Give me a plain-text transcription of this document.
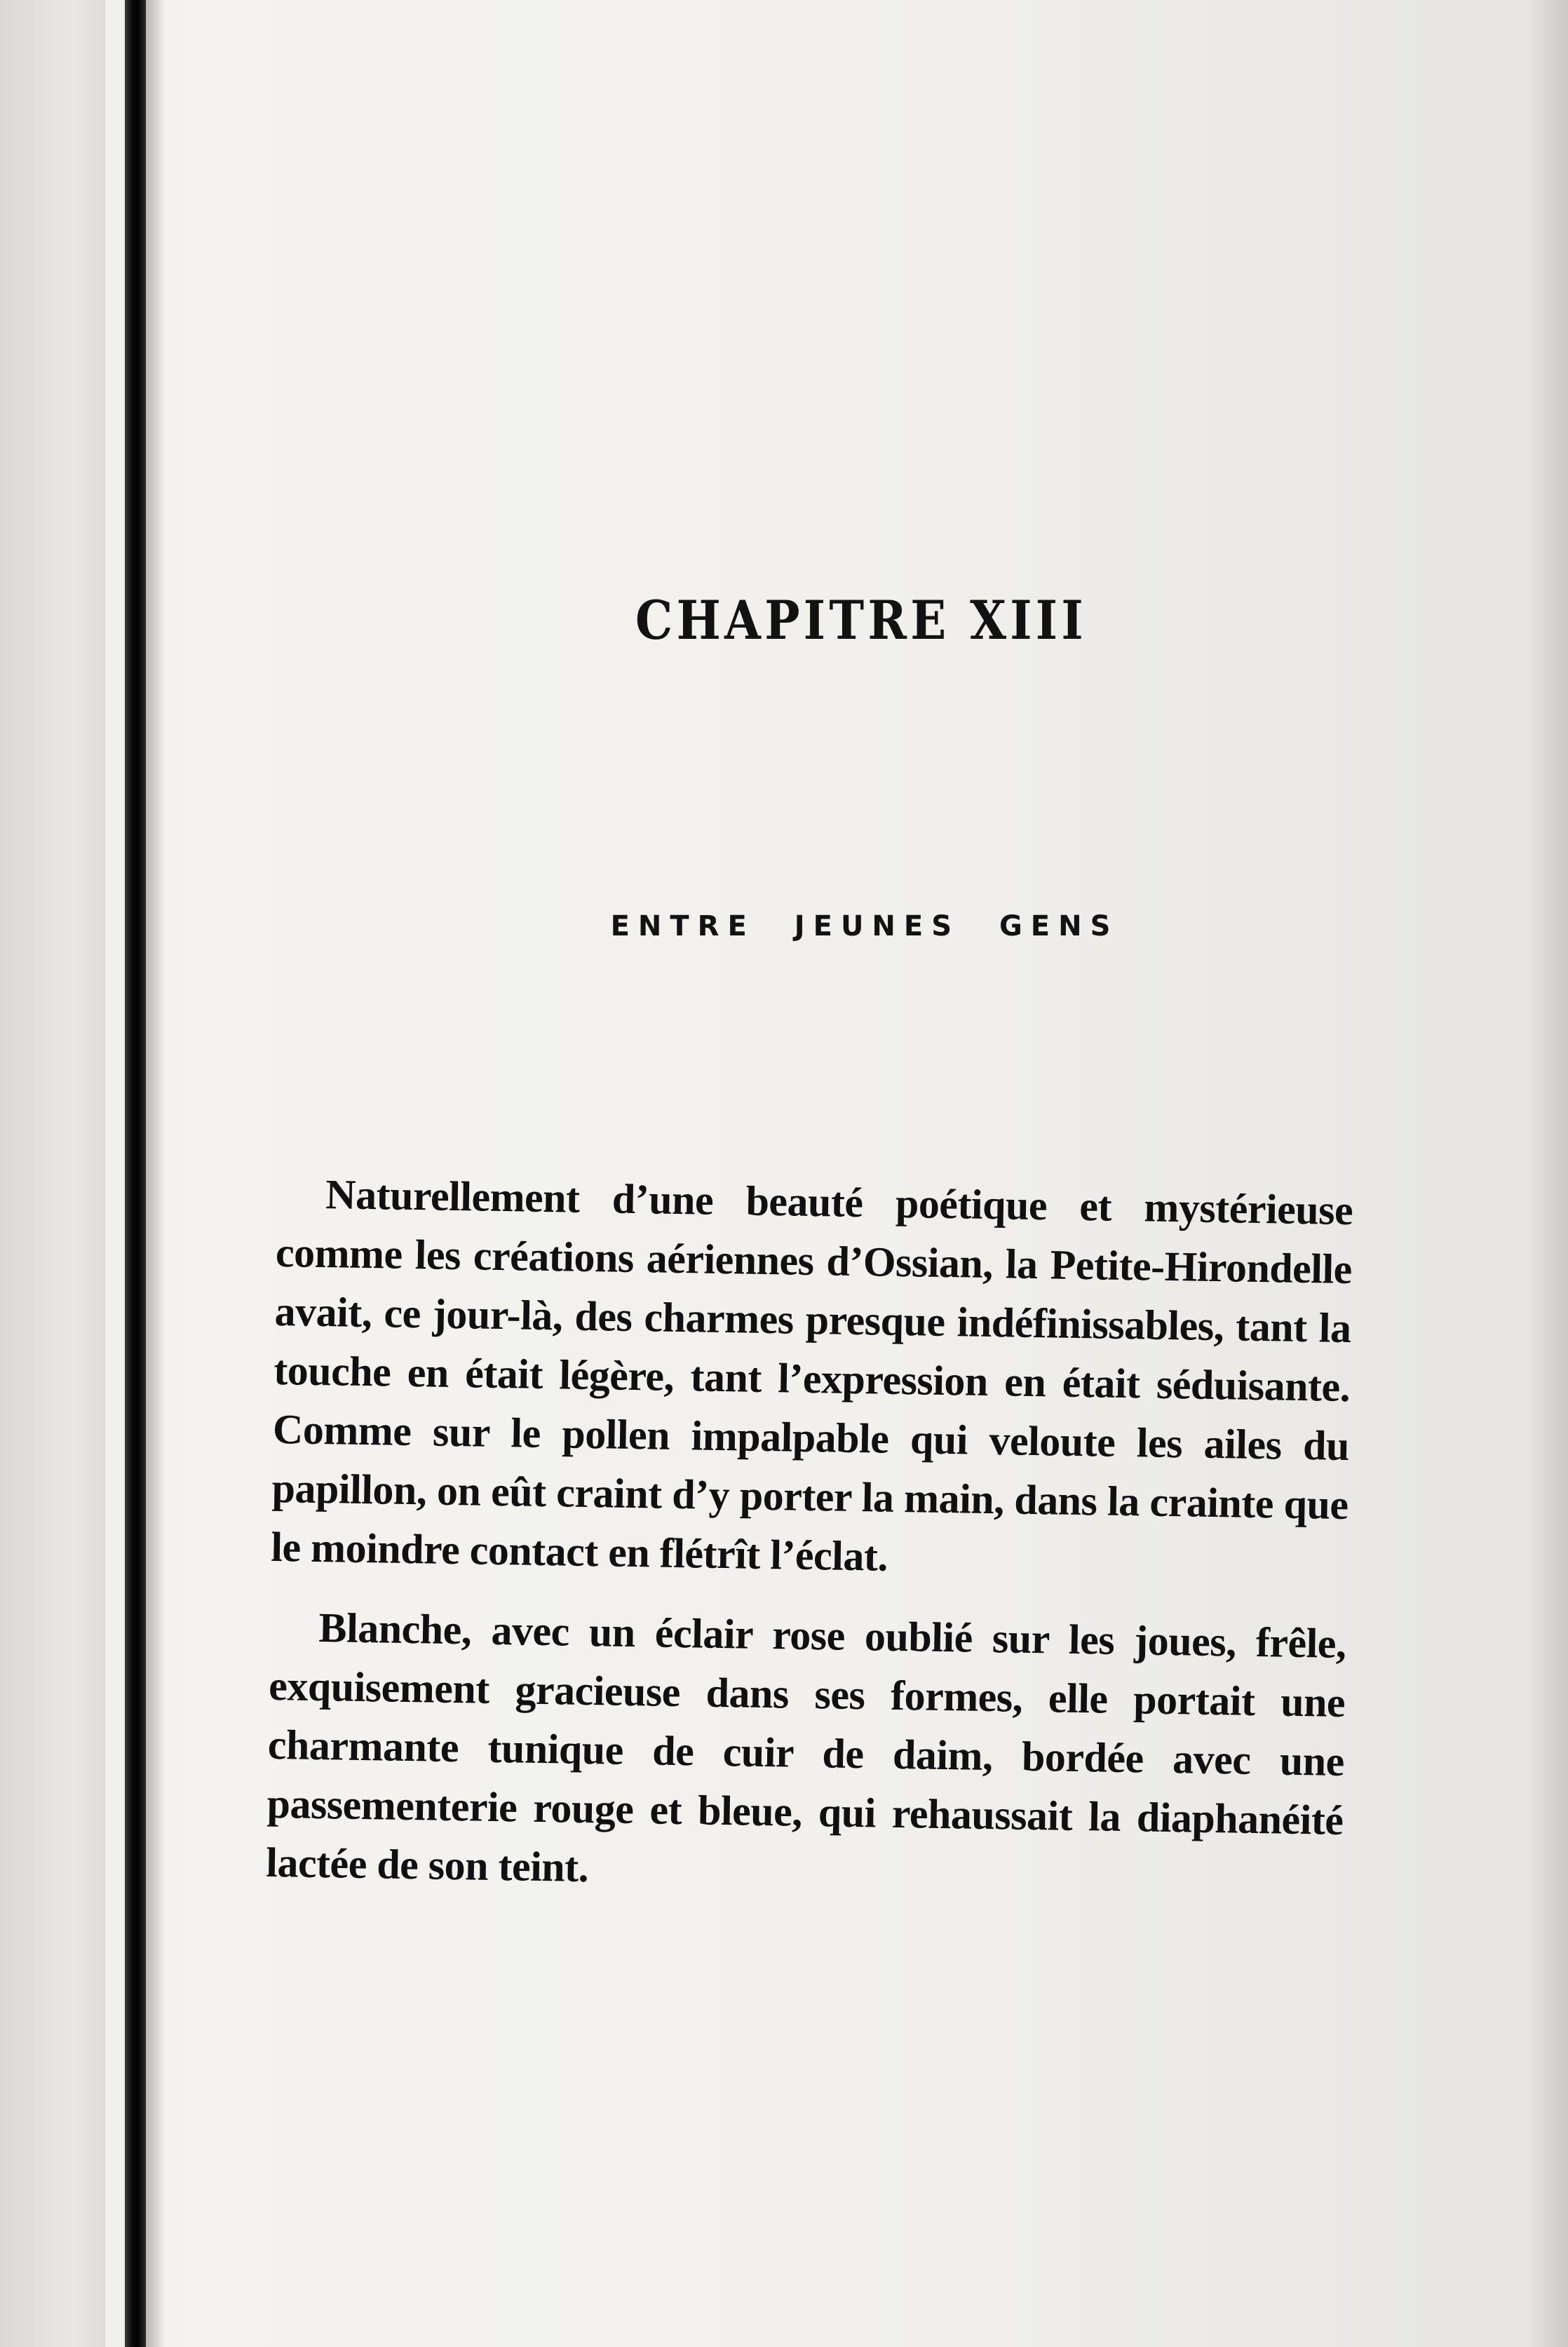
CHAPITRE XIII
ENTRE JEUNES GENS

Naturellement d’une beauté poétique et mystérieuse comme les créations aériennes d’Ossian, la Petite-Hirondelle avait, ce jour-là, des charmes presque indéfinissables, tant la touche en était légère, tant l’expression en était séduisante. Comme sur le pollen impalpable qui veloute les ailes du papillon, on eût craint d’y porter la main, dans la crainte que le moindre contact en flétrît l’éclat.

Blanche, avec un éclair rose oublié sur les joues, frêle, exquisement gracieuse dans ses formes, elle portait une charmante tunique de cuir de daim, bordée avec une passementerie rouge et bleue, qui rehaussait la diaphanéité lactée de son teint.
